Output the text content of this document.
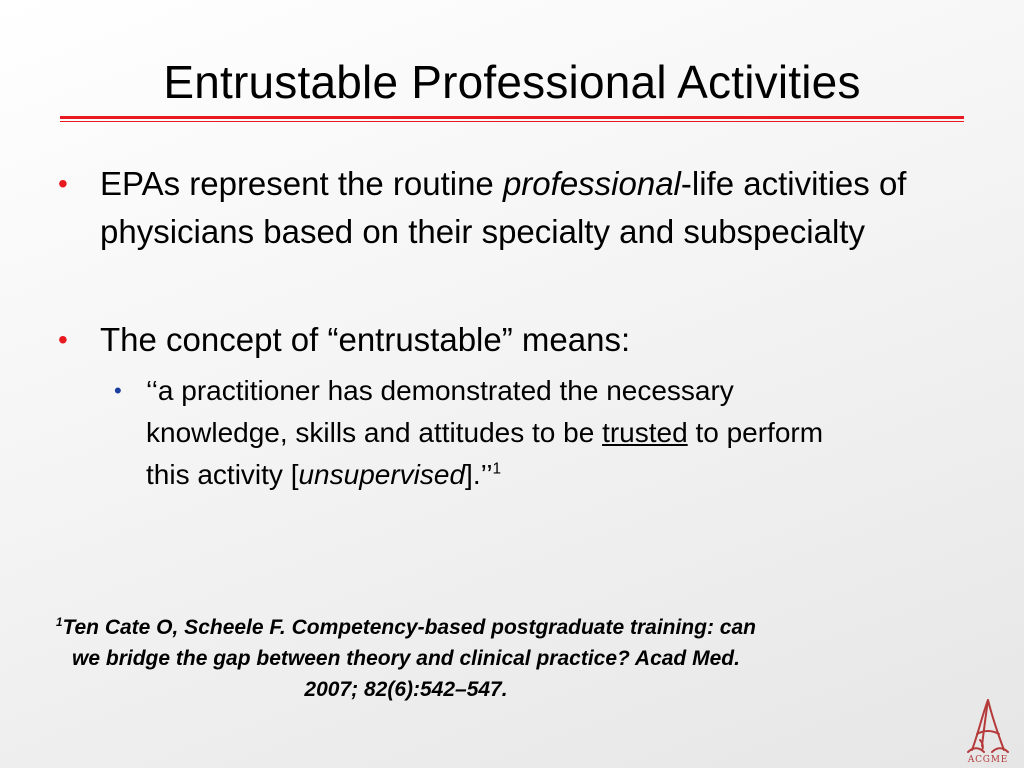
Entrustable Professional Activities
• EPAs represent the routine professional-life activities of physicians based on their specialty and subspecialty
• The concept of “entrustable” means:
• ‘‘a practitioner has demonstrated the necessary knowledge, skills and attitudes to be trusted to perform this activity [unsupervised].’’$^1$
$^1$Ten Cate O, Scheele F. Competency-based postgraduate training: can we bridge the gap between theory and clinical practice? Acad Med. 2007; 82(6):542–547.
ACGME
